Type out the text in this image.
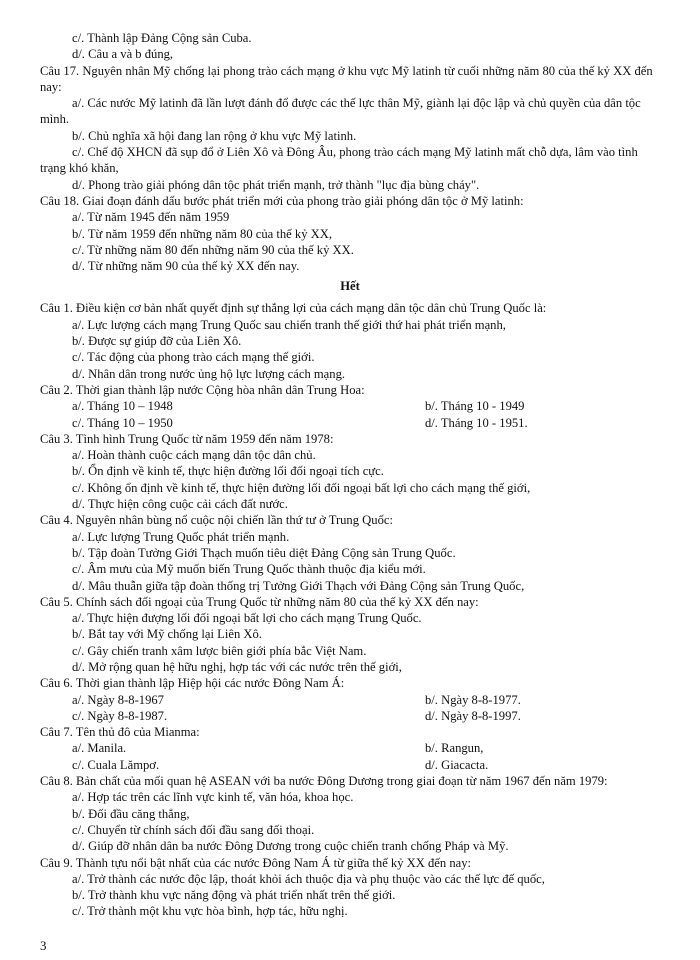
c/. Thành lập Đảng Cộng sản Cuba.
d/. Câu a và b đúng,
Câu 17. Nguyên nhân Mỹ chống lại phong trào cách mạng ở khu vực Mỹ latinh từ cuối những năm 80 của thế kỷ XX đến nay:
a/. Các nước Mỹ latinh đã lần lượt đánh đổ được các thế lực thân Mỹ, giành lại độc lập và chủ quyền của dân tộc mình.
b/. Chủ nghĩa xã hội đang lan rộng ở khu vực Mỹ latinh.
c/. Chế độ XHCN đã sụp đổ ở Liên Xô và Đông Âu, phong trào cách mạng Mỹ latinh mất chỗ dựa, lâm vào tình trạng khó khăn,
d/. Phong trào giải phóng dân tộc phát triển mạnh, trở thành "lục địa bùng cháy".
Câu 18. Giai đoạn đánh dấu bước phát triển mới của phong trào giải phóng dân tộc ở Mỹ latinh:
a/. Từ năm 1945 đến năm 1959
b/. Từ năm 1959 đến những năm 80 của thế kỷ XX,
c/. Từ những năm 80 đến những năm 90 của thế kỷ XX.
d/. Từ những năm 90 của thế kỷ XX đến nay.
Hết
Câu 1. Điều kiện cơ bản nhất quyết định sự thắng lợi của cách mạng dân tộc dân chủ Trung Quốc là:
a/. Lực lượng cách mạng Trung Quốc sau chiến tranh thế giới thứ hai phát triển mạnh,
b/. Được sự giúp đỡ của Liên Xô.
c/. Tác động của phong trào cách mạng thế giới.
d/. Nhân dân trong nước ủng hộ lực lượng cách mạng.
Câu 2. Thời gian thành lập nước Cộng hòa nhân dân Trung Hoa:
a/. Tháng 10 – 1948	b/. Tháng 10 - 1949
c/. Tháng 10 – 1950	d/. Tháng 10 - 1951.
Câu 3. Tình hình Trung Quốc từ năm 1959 đến năm 1978:
a/. Hoàn thành cuộc cách mạng dân tộc dân chủ.
b/. Ổn định về kinh tế, thực hiện đường lối đối ngoại tích cực.
c/. Không ổn định về kinh tế, thực hiện đường lối đối ngoại bất lợi cho cách mạng thế giới,
d/. Thực hiện công cuộc cải cách đất nước.
Câu 4. Nguyên nhân bùng nổ cuộc nội chiến lần thứ tư ở Trung Quốc:
a/. Lực lượng Trung Quốc phát triển mạnh.
b/. Tập đoàn Tưởng Giới Thạch muốn tiêu diệt Đảng Cộng sản Trung Quốc.
c/. Âm mưu của Mỹ muốn biến Trung Quốc thành thuộc địa kiểu mới.
d/. Mâu thuẫn giữa tập đoàn thống trị Tưởng Giới Thạch với Đảng Cộng sản Trung Quốc,
Câu 5. Chính sách đối ngoại của Trung Quốc từ những năm 80 của thế kỷ XX đến nay:
a/. Thực hiện đượng lối đối ngoại bất lợi cho cách mạng Trung Quốc.
b/. Bắt tay với Mỹ chống lại Liên Xô.
c/. Gây chiến tranh xâm lược biên giới phía bắc Việt Nam.
d/. Mở rộng quan hệ hữu nghị, hợp tác với các nước trên thế giới,
Câu 6. Thời gian thành lập Hiệp hội các nước Đông Nam Á:
a/. Ngày 8-8-1967	b/. Ngày 8-8-1977.
c/. Ngày 8-8-1987.	d/. Ngày 8-8-1997.
Câu 7. Tên thủ đô của Mianma:
a/. Manila.	b/. Rangun,
c/. Cuala Lămpơ.	d/. Giacacta.
Câu 8. Bản chất của mối quan hệ ASEAN với ba nước Đông Dương trong giai đoạn từ năm 1967 đến năm 1979:
a/. Hợp tác trên các lĩnh vực kinh tế, văn hóa, khoa học.
b/. Đối đầu căng thẳng,
c/. Chuyển từ chính sách đối đầu sang đối thoại.
d/. Giúp đỡ nhân dân ba nước Đông Dương trong cuộc chiến tranh chống Pháp và Mỹ.
Câu 9. Thành tựu nổi bật nhất của các nước Đông Nam Á từ giữa thế kỷ XX đến nay:
a/. Trở thành các nước độc lập, thoát khỏi ách thuộc địa và phụ thuộc vào các thế lực đế quốc,
b/. Trở thành khu vực năng động và phát triển nhất trên thế giới.
c/. Trở thành một khu vực hòa bình, hợp tác, hữu nghị.
3
